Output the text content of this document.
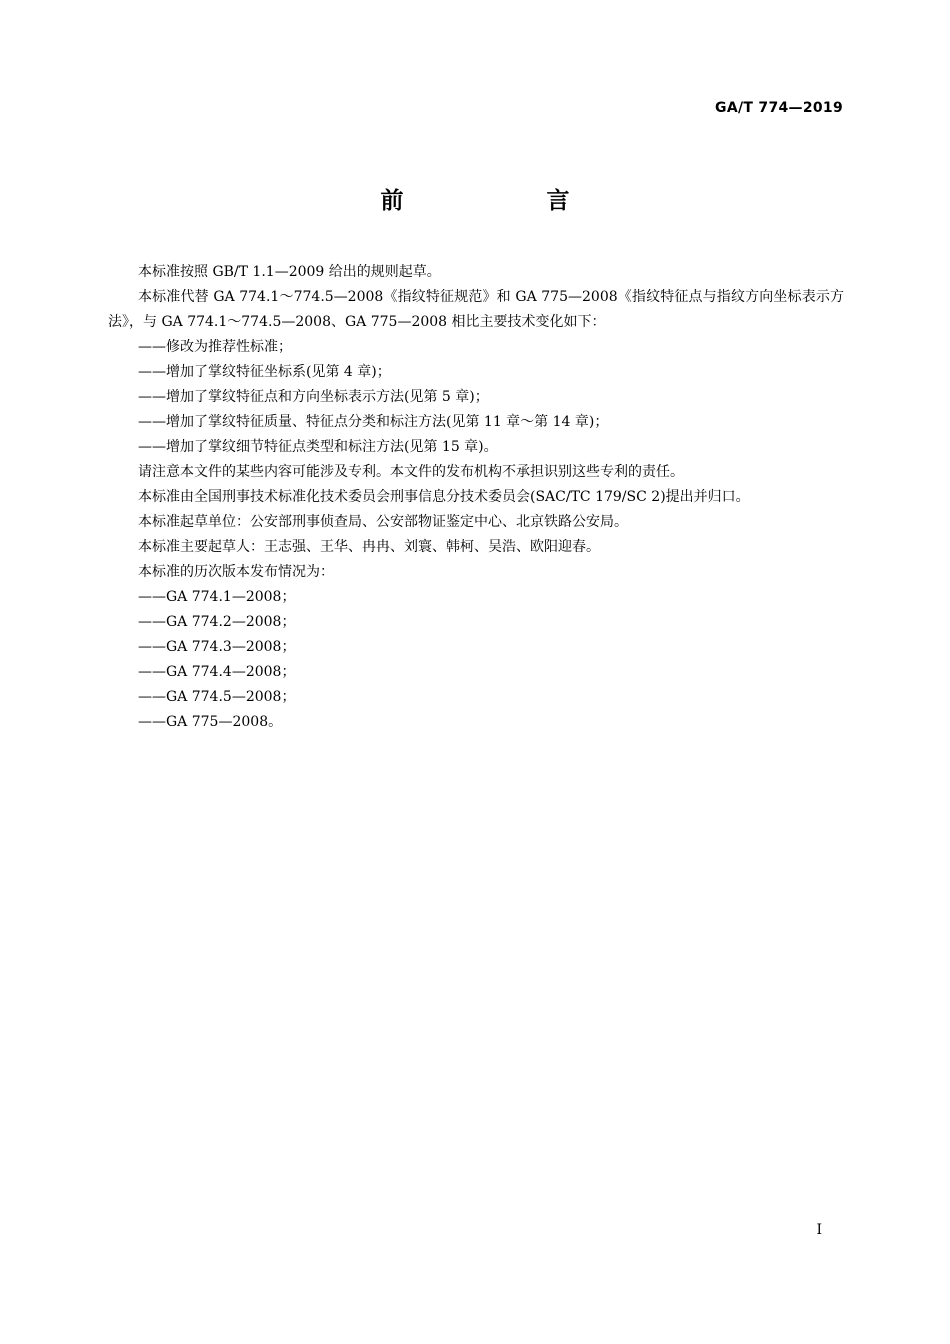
GA/T 774—2019
前　言

本标准按照 GB/T 1.1—2009 给出的规则起草。

本标准代替 GA 774.1～774.5—2008《指纹特征规范》和 GA 775—2008《指纹特征点与指纹方向坐标表示方法》，与 GA 774.1～774.5—2008、GA 775—2008 相比主要技术变化如下：

——修改为推荐性标准；

——增加了掌纹特征坐标系(见第 4 章)；

——增加了掌纹特征点和方向坐标表示方法(见第 5 章)；

——增加了掌纹特征质量、特征点分类和标注方法(见第 11 章～第 14 章)；

——增加了掌纹细节特征点类型和标注方法(见第 15 章)。

请注意本文件的某些内容可能涉及专利。本文件的发布机构不承担识别这些专利的责任。

本标准由全国刑事技术标准化技术委员会刑事信息分技术委员会(SAC/TC 179/SC 2)提出并归口。

本标准起草单位：公安部刑事侦查局、公安部物证鉴定中心、北京铁路公安局。

本标准主要起草人：王志强、王华、冉冉、刘寰、韩柯、吴浩、欧阳迎春。

本标准的历次版本发布情况为：

——GA 774.1—2008；

——GA 774.2—2008；

——GA 774.3—2008；

——GA 774.4—2008；

——GA 774.5—2008；

——GA 775—2008。

I
